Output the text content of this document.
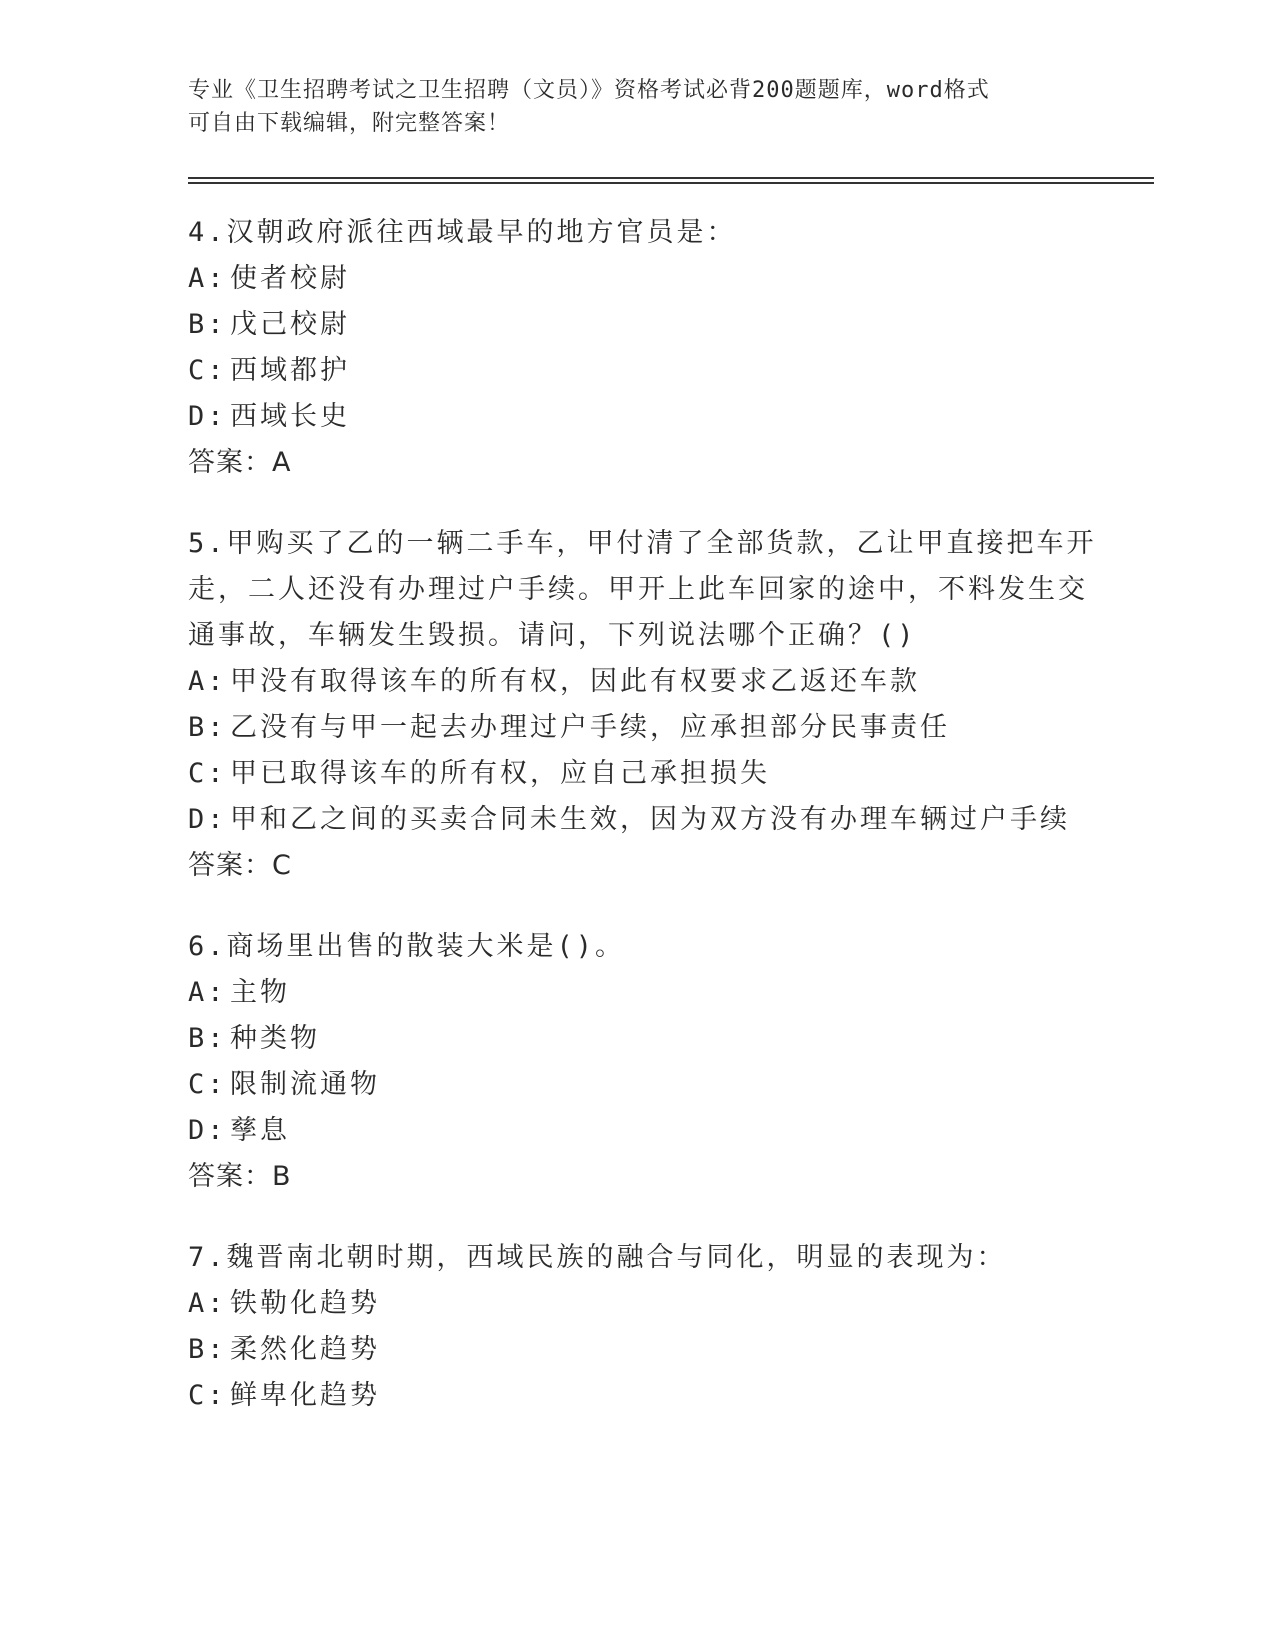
专业《卫生招聘考试之卫生招聘（文员）》资格考试必背200题题库，word格式
可自由下载编辑，附完整答案！
4.汉朝政府派往西域最早的地方官员是：
A: 使者校尉
B: 戊己校尉
C: 西域都护
D: 西域长史
答案：A
5.甲购买了乙的一辆二手车，甲付清了全部货款，乙让甲直接把车开
走，二人还没有办理过户手续。甲开上此车回家的途中，不料发生交
通事故，车辆发生毁损。请问，下列说法哪个正确？()
A: 甲没有取得该车的所有权，因此有权要求乙返还车款
B: 乙没有与甲一起去办理过户手续，应承担部分民事责任
C: 甲已取得该车的所有权，应自己承担损失
D: 甲和乙之间的买卖合同未生效，因为双方没有办理车辆过户手续
答案：C
6.商场里出售的散装大米是()。
A: 主物
B: 种类物
C: 限制流通物
D: 孳息
答案：B
7.魏晋南北朝时期，西域民族的融合与同化，明显的表现为：
A: 铁勒化趋势
B: 柔然化趋势
C: 鲜卑化趋势
